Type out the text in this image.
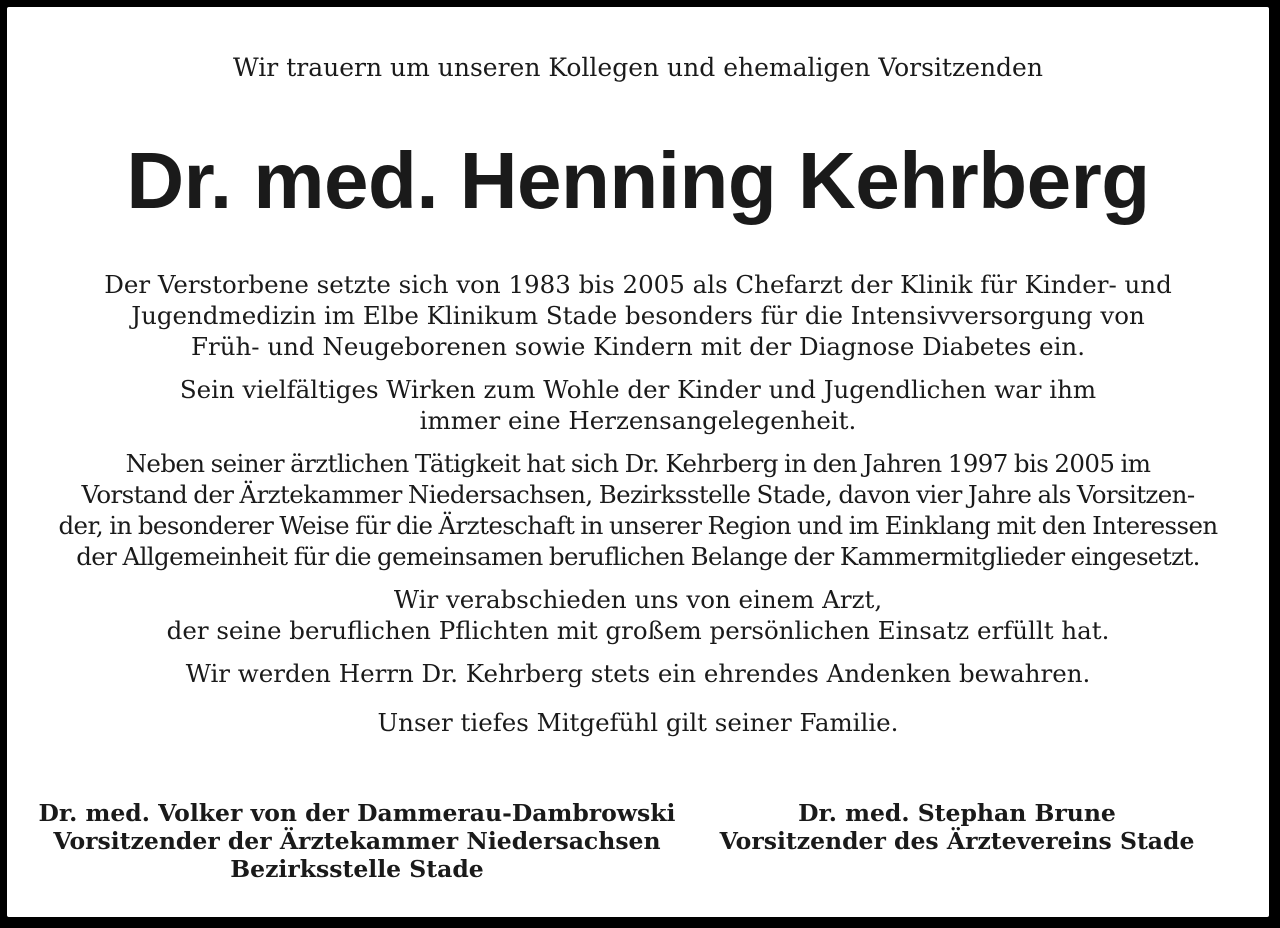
Wir trauern um unseren Kollegen und ehemaligen Vorsitzenden
Dr. med. Henning Kehrberg

Der Verstorbene setzte sich von 1983 bis 2005 als Chefarzt der Klinik für Kinder- und
Jugendmedizin im Elbe Klinikum Stade besonders für die Intensivversorgung von
Früh- und Neugeborenen sowie Kindern mit der Diagnose Diabetes ein.

Sein vielfältiges Wirken zum Wohle der Kinder und Jugendlichen war ihm
immer eine Herzensangelegenheit.

Neben seiner ärztlichen Tätigkeit hat sich Dr. Kehrberg in den Jahren 1997 bis 2005 im
Vorstand der Ärztekammer Niedersachsen, Bezirksstelle Stade, davon vier Jahre als Vorsitzen-
der, in besonderer Weise für die Ärzteschaft in unserer Region und im Einklang mit den Interessen
der Allgemeinheit für die gemeinsamen beruflichen Belange der Kammermitglieder eingesetzt.

Wir verabschieden uns von einem Arzt,
der seine beruflichen Pflichten mit großem persönlichen Einsatz erfüllt hat.

Wir werden Herrn Dr. Kehrberg stets ein ehrendes Andenken bewahren.

Unser tiefes Mitgefühl gilt seiner Familie.

Dr. med. Volker von der Dammerau-Dambrowski
Vorsitzender der Ärztekammer Niedersachsen
Bezirksstelle Stade
Dr. med. Stephan Brune
Vorsitzender des Ärztevereins Stade
